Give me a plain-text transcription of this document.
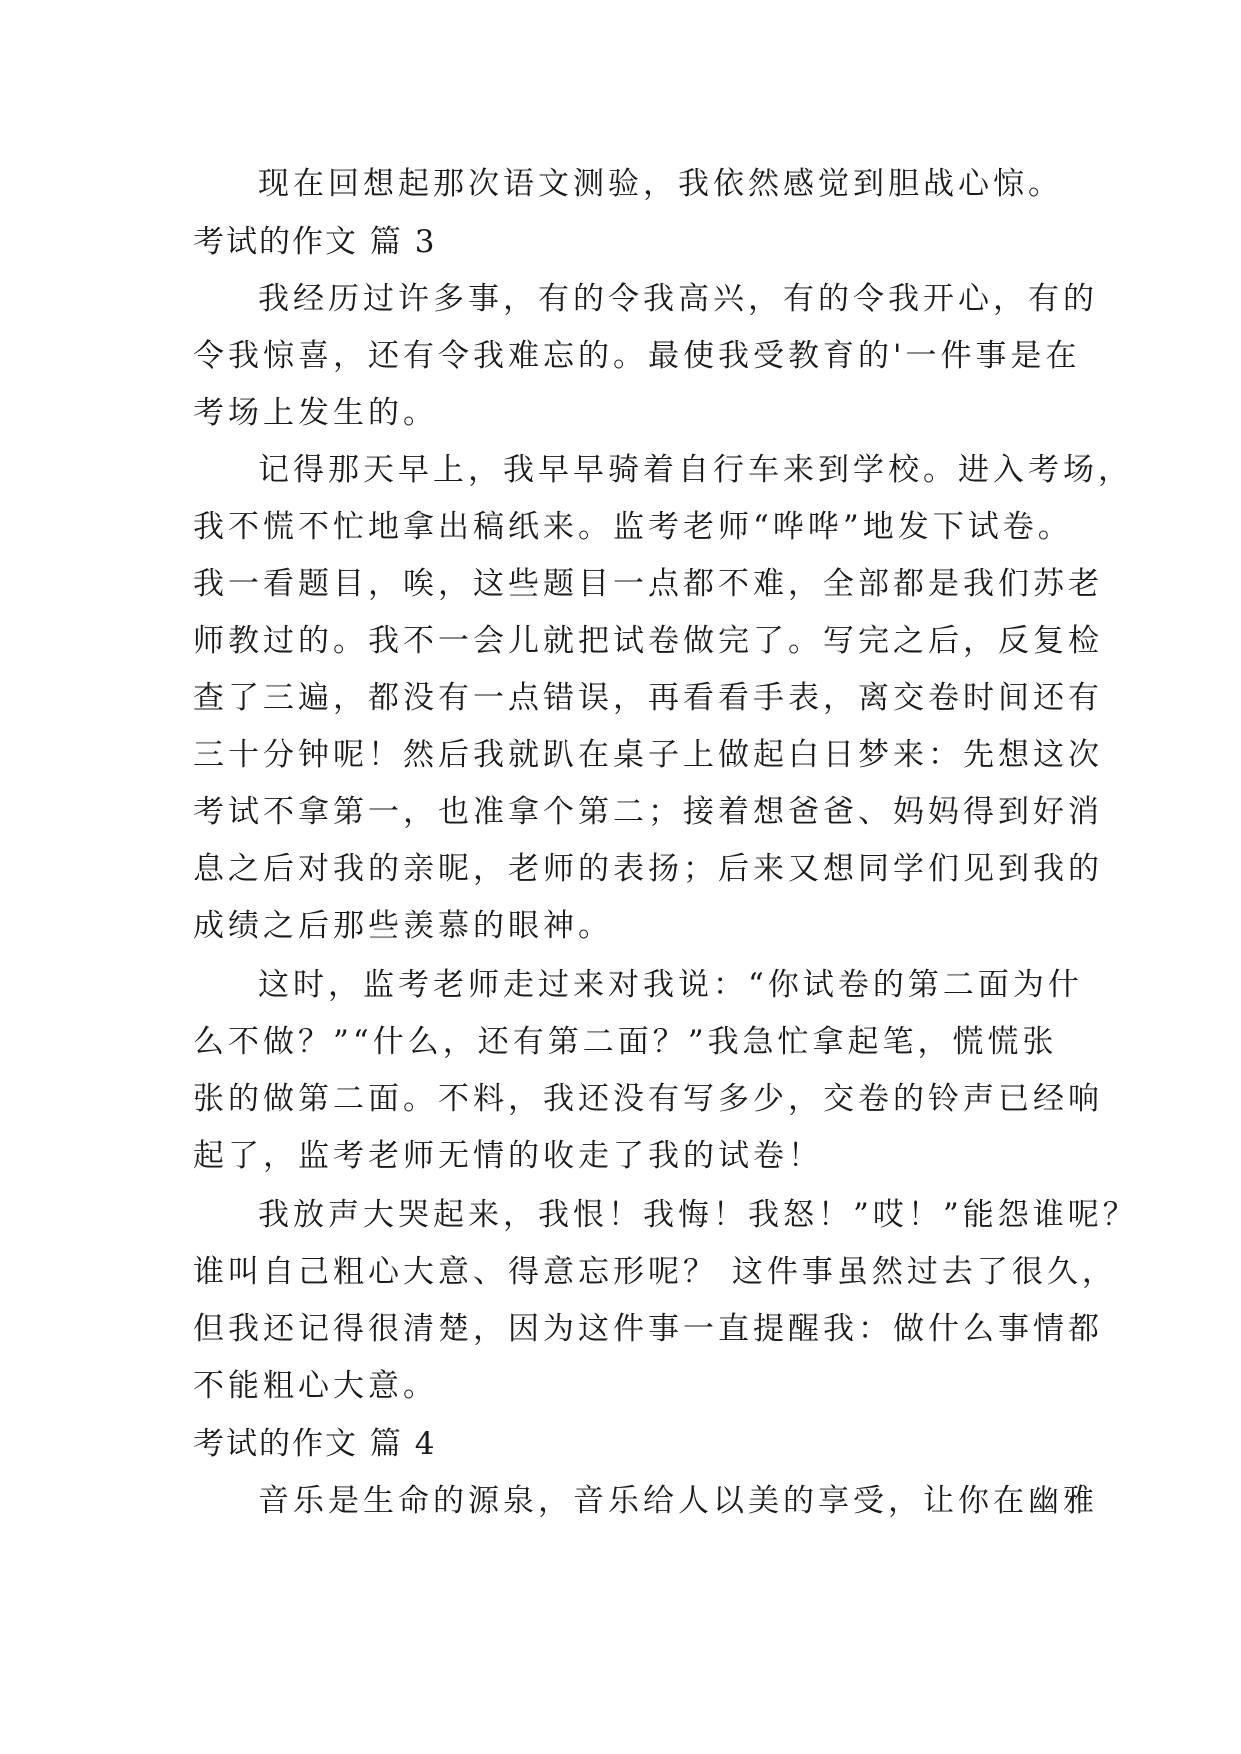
现在回想起那次语文测验，我依然感觉到胆战心惊。
考试的作文 篇 3
我经历过许多事，有的令我高兴，有的令我开心，有的
令我惊喜，还有令我难忘的。最使我受教育的'一件事是在
考场上发生的。
记得那天早上，我早早骑着自行车来到学校。进入考场，
我不慌不忙地拿出稿纸来。监考老师“哗哗”地发下试卷。
我一看题目，唉，这些题目一点都不难，全部都是我们苏老
师教过的。我不一会儿就把试卷做完了。写完之后，反复检
查了三遍，都没有一点错误，再看看手表，离交卷时间还有
三十分钟呢！然后我就趴在桌子上做起白日梦来：先想这次
考试不拿第一，也准拿个第二；接着想爸爸、妈妈得到好消
息之后对我的亲昵，老师的表扬；后来又想同学们见到我的
成绩之后那些羡慕的眼神。
这时，监考老师走过来对我说：“你试卷的第二面为什
么不做？”“什么，还有第二面？”我急忙拿起笔，慌慌张
张的做第二面。不料，我还没有写多少，交卷的铃声已经响
起了，监考老师无情的收走了我的试卷！
我放声大哭起来，我恨！我悔！我怒！”哎！”能怨谁呢？
谁叫自己粗心大意、得意忘形呢？ 这件事虽然过去了很久，
但我还记得很清楚，因为这件事一直提醒我：做什么事情都
不能粗心大意。
考试的作文 篇 4
音乐是生命的源泉，音乐给人以美的享受，让你在幽雅
